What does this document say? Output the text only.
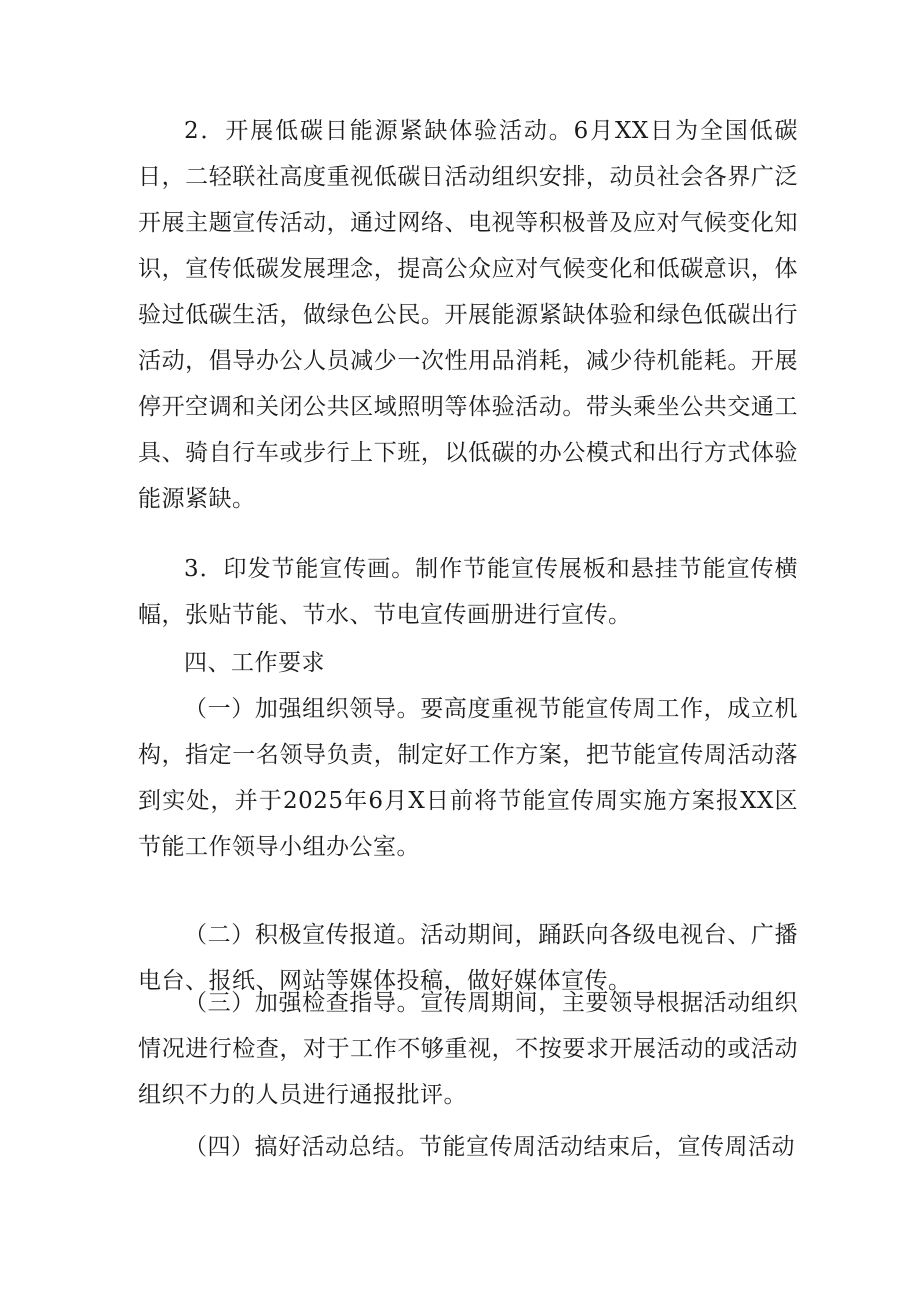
2．开展低碳日能源紧缺体验活动。6月XX日为全国低碳日，二轻联社高度重视低碳日活动组织安排，动员社会各界广泛开展主题宣传活动，通过网络、电视等积极普及应对气候变化知识，宣传低碳发展理念，提高公众应对气候变化和低碳意识，体验过低碳生活，做绿色公民。开展能源紧缺体验和绿色低碳出行活动，倡导办公人员减少一次性用品消耗，减少待机能耗。开展停开空调和关闭公共区域照明等体验活动。带头乘坐公共交通工具、骑自行车或步行上下班，以低碳的办公模式和出行方式体验能源紧缺。

3．印发节能宣传画。制作节能宣传展板和悬挂节能宣传横幅，张贴节能、节水、节电宣传画册进行宣传。

四、工作要求

（一）加强组织领导。要高度重视节能宣传周工作，成立机构，指定一名领导负责，制定好工作方案，把节能宣传周活动落到实处，并于2025年6月X日前将节能宣传周实施方案报XX区节能工作领导小组办公室。

（二）积极宣传报道。活动期间，踊跃向各级电视台、广播电台、报纸、网站等媒体投稿，做好媒体宣传。

（三）加强检查指导。宣传周期间，主要领导根据活动组织情况进行检查，对于工作不够重视，不按要求开展活动的或活动组织不力的人员进行通报批评。

（四）搞好活动总结。节能宣传周活动结束后，宣传周活动
